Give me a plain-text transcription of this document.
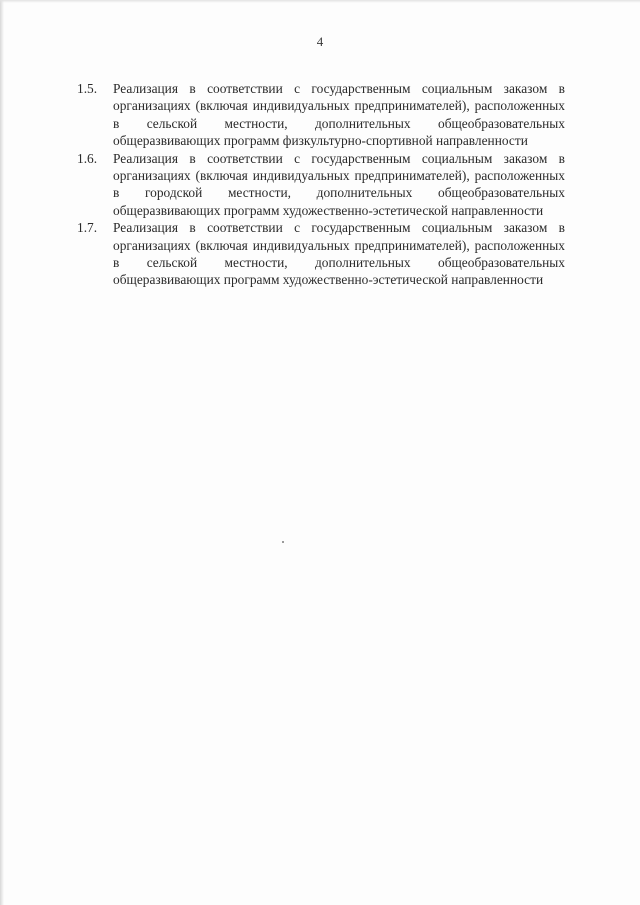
4
1.5.	Реализация в соответствии с государственным социальным заказом в организациях (включая индивидуальных предпринимателей), расположенных в сельской местности, дополнительных общеобразовательных общеразвивающих программ физкультурно-спортивной направленности
1.6.	Реализация в соответствии с государственным социальным заказом в организациях (включая индивидуальных предпринимателей), расположенных в городской местности, дополнительных общеобразовательных общеразвивающих программ художественно-эстетической направленности
1.7.	Реализация в соответствии с государственным социальным заказом в организациях (включая индивидуальных предпринимателей), расположенных в сельской местности, дополнительных общеобразовательных общеразвивающих программ художественно-эстетической направленности
